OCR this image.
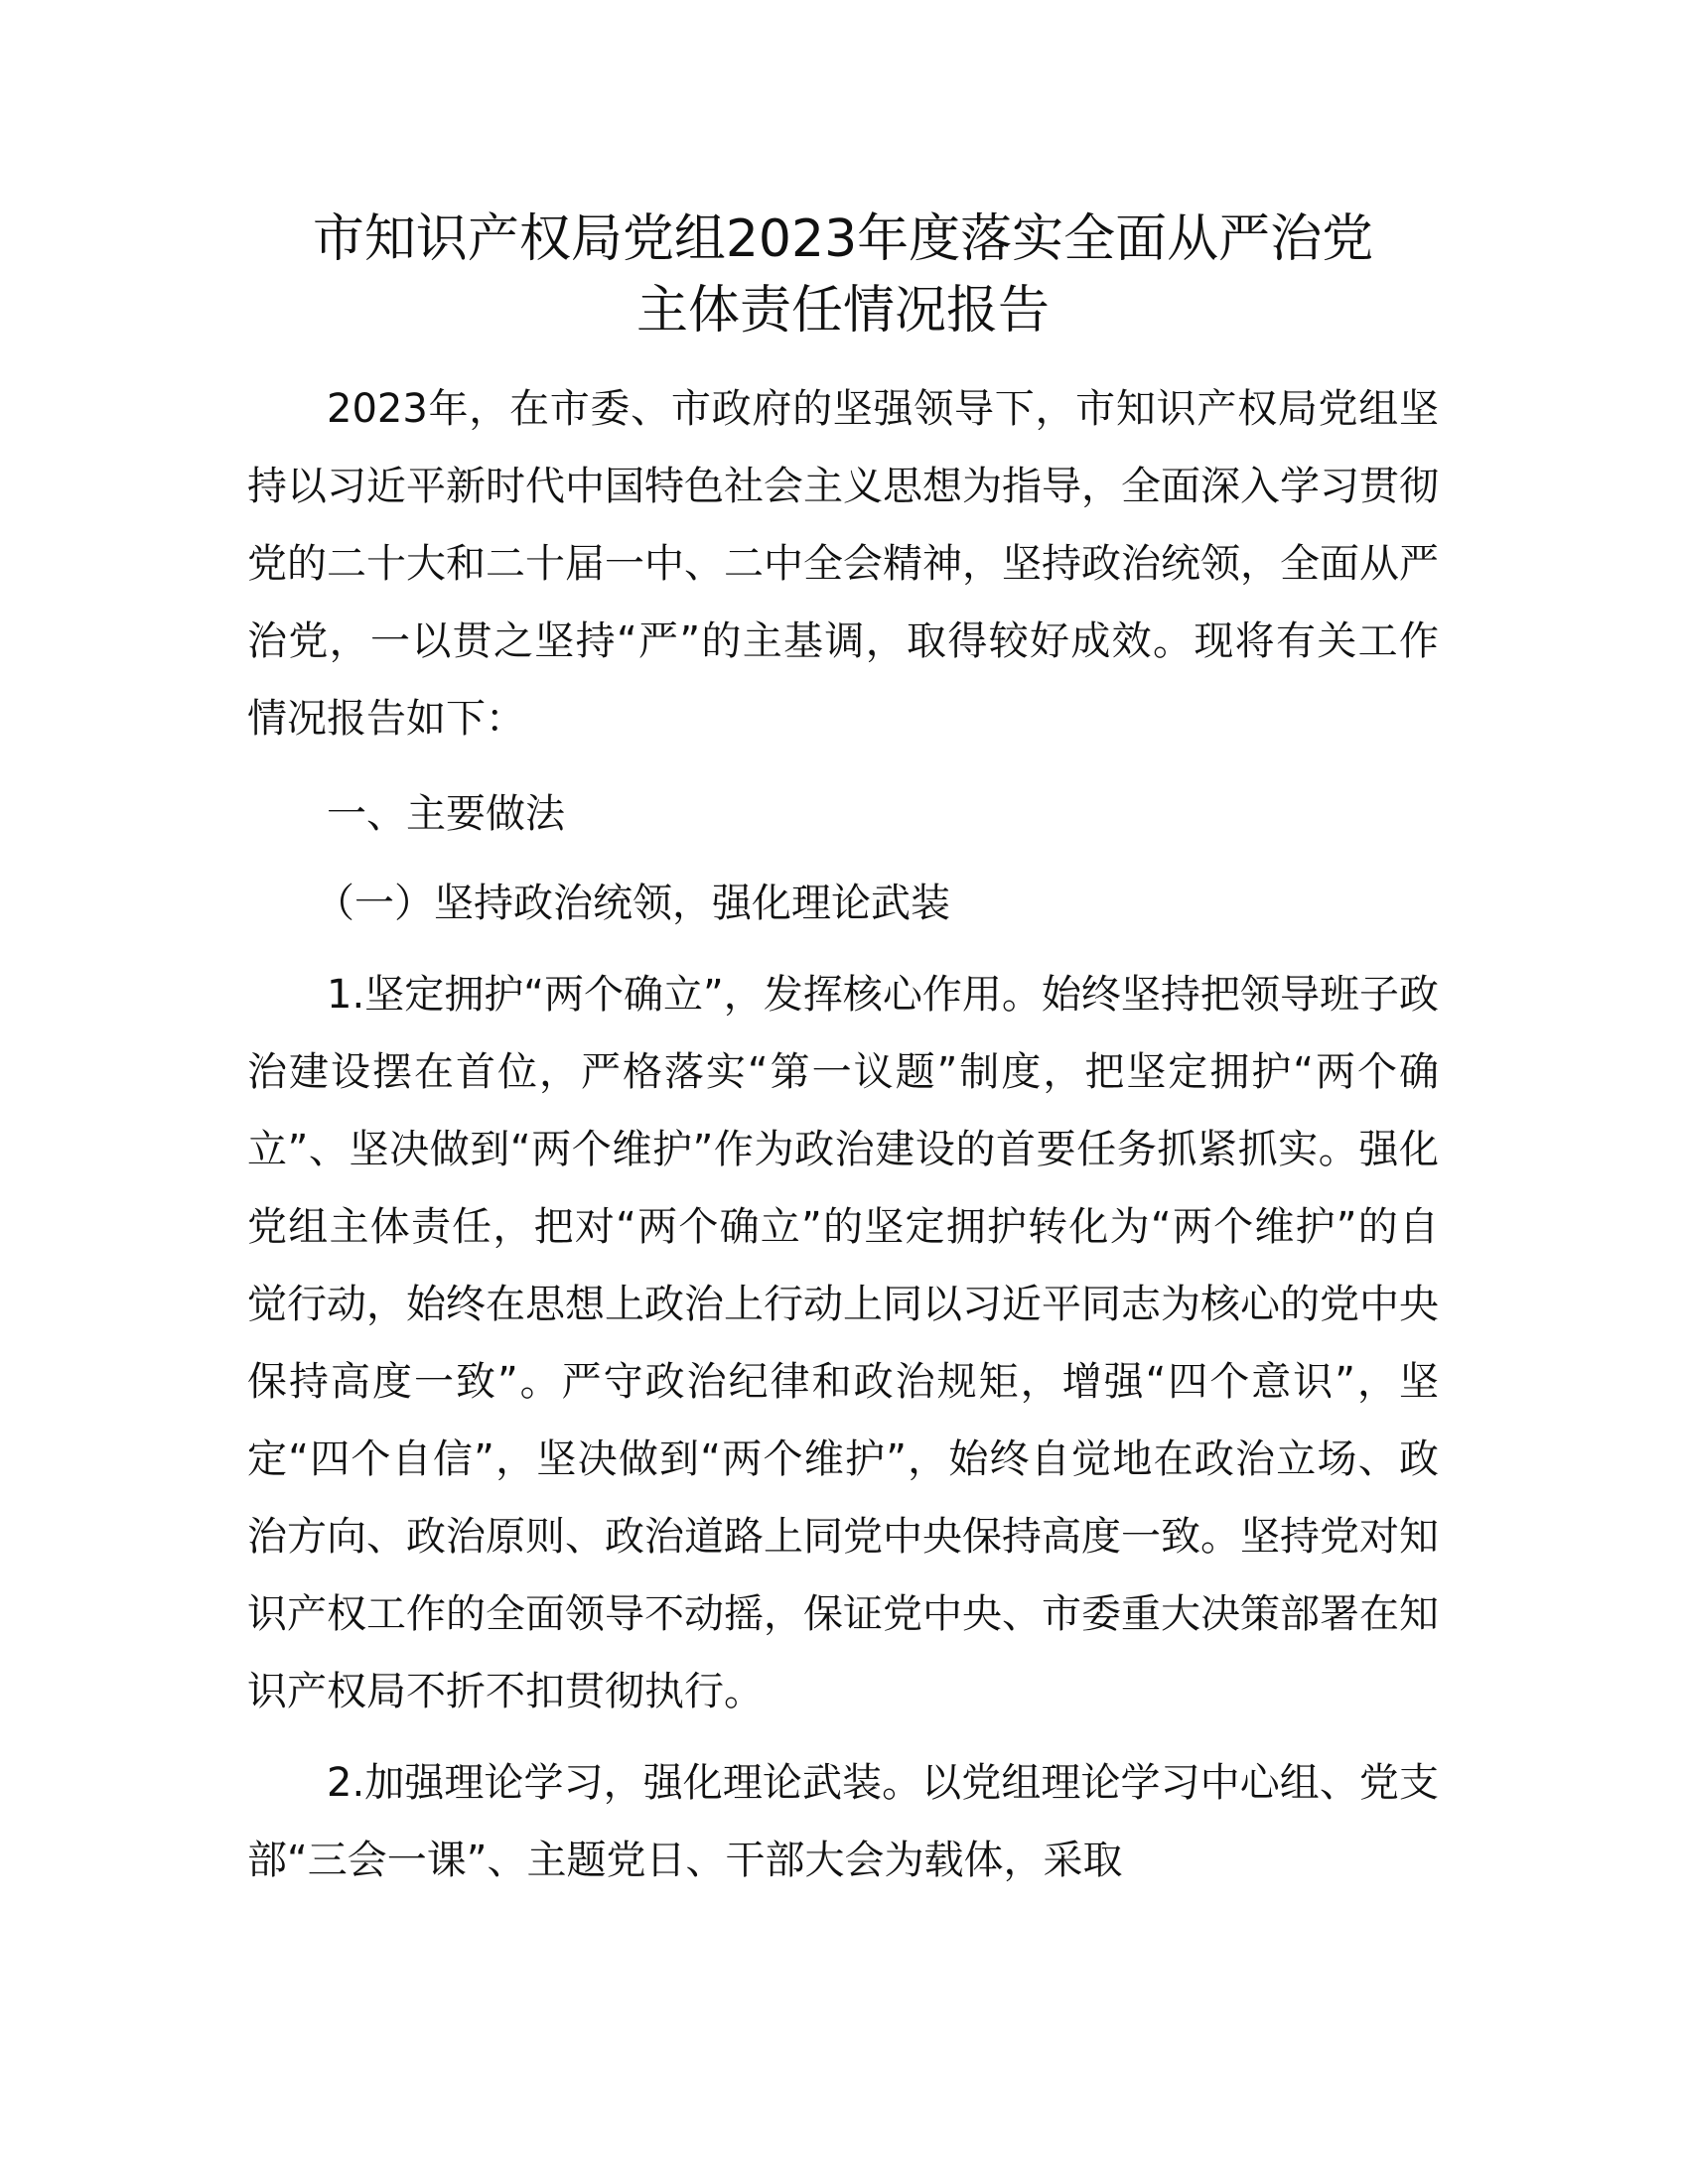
市知识产权局党组2023年度落实全面从严治党
主体责任情况报告

2023年，在市委、市政府的坚强领导下，市知识产权局党组坚持以习近平新时代中国特色社会主义思想为指导，全面深入学习贯彻党的二十大和二十届一中、二中全会精神，坚持政治统领，全面从严治党，一以贯之坚持“严”的主基调，取得较好成效。现将有关工作情况报告如下：

一、主要做法

（一）坚持政治统领，强化理论武装

1.坚定拥护“两个确立”，发挥核心作用。始终坚持把领导班子政治建设摆在首位，严格落实“第一议题”制度，把坚定拥护“两个确立”、坚决做到“两个维护”作为政治建设的首要任务抓紧抓实。强化党组主体责任，把对“两个确立”的坚定拥护转化为“两个维护”的自觉行动，始终在思想上政治上行动上同以习近平同志为核心的党中央保持高度一致”。严守政治纪律和政治规矩，增强“四个意识”，坚定“四个自信”，坚决做到“两个维护”，始终自觉地在政治立场、政治方向、政治原则、政治道路上同党中央保持高度一致。坚持党对知识产权工作的全面领导不动摇，保证党中央、市委重大决策部署在知识产权局不折不扣贯彻执行。

2.加强理论学习，强化理论武装。以党组理论学习中心组、党支部“三会一课”、主题党日、干部大会为载体，采取
